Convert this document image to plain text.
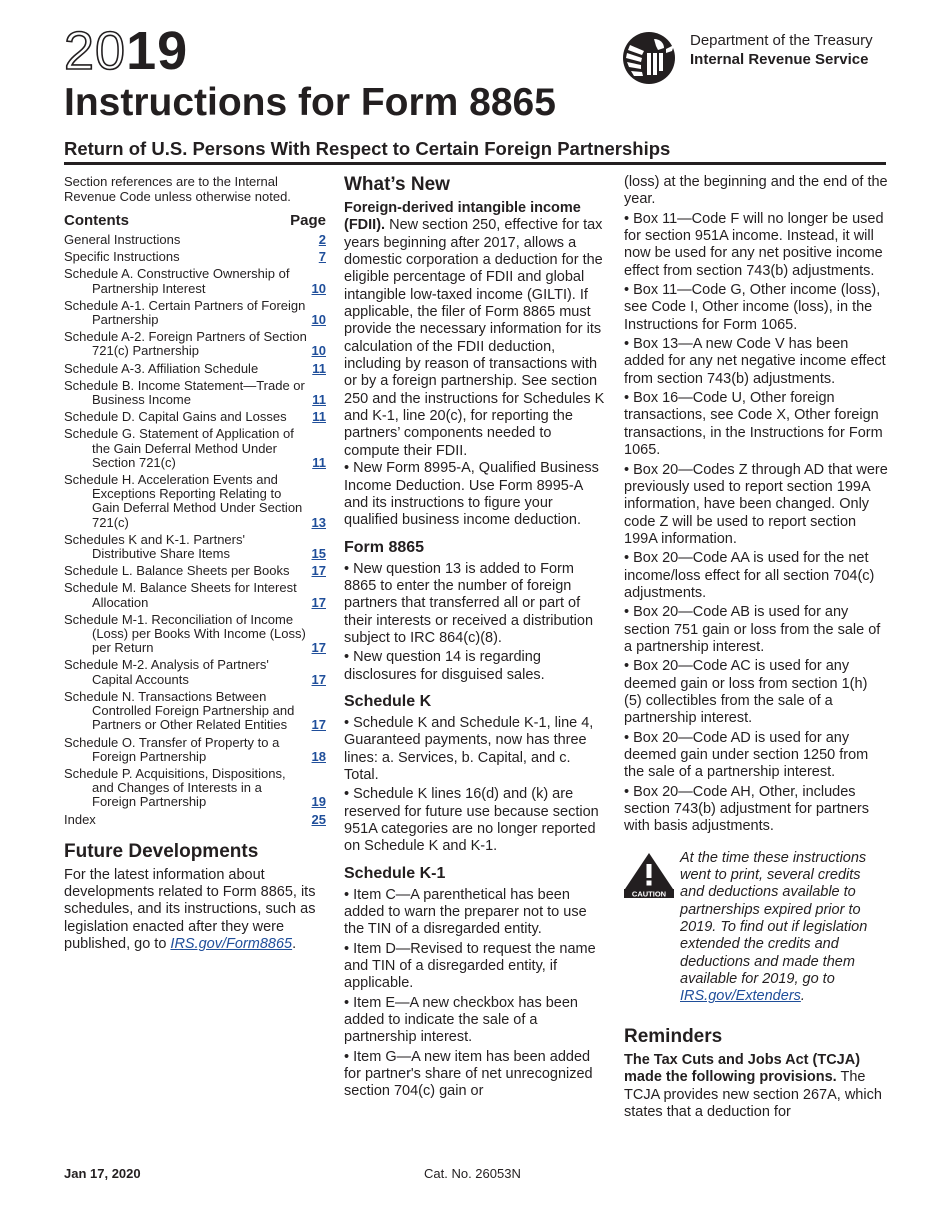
2019
Instructions for Form 8865
Return of U.S. Persons With Respect to Certain Foreign Partnerships
Department of the Treasury
Internal Revenue Service

Section references are to the Internal Revenue Code unless otherwise noted.

Contents	Page
General Instructions	2
Specific Instructions	7
Schedule A. Constructive Ownership of Partnership Interest	10
Schedule A-1. Certain Partners of Foreign Partnership	10
Schedule A-2. Foreign Partners of Section 721(c) Partnership	10
Schedule A-3. Affiliation Schedule	11
Schedule B. Income Statement—Trade or Business Income	11
Schedule D. Capital Gains and Losses	11
Schedule G. Statement of Application of the Gain Deferral Method Under Section 721(c)	11
Schedule H. Acceleration Events and Exceptions Reporting Relating to Gain Deferral Method Under Section 721(c)	13
Schedules K and K-1. Partners' Distributive Share Items	15
Schedule L. Balance Sheets per Books	17
Schedule M. Balance Sheets for Interest Allocation	17
Schedule M-1. Reconciliation of Income (Loss) per Books With Income (Loss) per Return	17
Schedule M-2. Analysis of Partners' Capital Accounts	17
Schedule N. Transactions Between Controlled Foreign Partnership and Partners or Other Related Entities	17
Schedule O. Transfer of Property to a Foreign Partnership	18
Schedule P. Acquisitions, Dispositions, and Changes of Interests in a Foreign Partnership	19
Index	25
Future Developments

For the latest information about developments related to Form 8865, its schedules, and its instructions, such as legislation enacted after they were published, go to IRS.gov/Form8865.

What’s New

Foreign-derived intangible income (FDII). New section 250, effective for tax years beginning after 2017, allows a domestic corporation a deduction for the eligible percentage of FDII and global intangible low-taxed income (GILTI). If applicable, the filer of Form 8865 must provide the necessary information for its calculation of the FDII deduction, including by reason of transactions with or by a foreign partnership. See section 250 and the instructions for Schedules K and K-1, line 20(c), for reporting the partners’ components needed to compute their FDII.

• New Form 8995-A, Qualified Business Income Deduction. Use Form 8995-A and its instructions to figure your qualified business income deduction.

Form 8865

• New question 13 is added to Form 8865 to enter the number of foreign partners that transferred all or part of their interests or received a distribution subject to IRC 864(c)(8).

• New question 14 is regarding disclosures for disguised sales.

Schedule K

• Schedule K and Schedule K-1, line 4, Guaranteed payments, now has three lines: a. Services, b. Capital, and c. Total.

• Schedule K lines 16(d) and (k) are reserved for future use because section 951A categories are no longer reported on Schedule K and K-1.

Schedule K-1

• Item C—A parenthetical has been added to warn the preparer not to use the TIN of a disregarded entity.

• Item D—Revised to request the name and TIN of a disregarded entity, if applicable.

• Item E—A new checkbox has been added to indicate the sale of a partnership interest.

• Item G—A new item has been added for partner's share of net unrecognized section 704(c) gain or

(loss) at the beginning and the end of the year.

• Box 11—Code F will no longer be used for section 951A income. Instead, it will now be used for any net positive income effect from section 743(b) adjustments.

• Box 11—Code G, Other income (loss), see Code I, Other income (loss), in the Instructions for Form 1065.

• Box 13—A new Code V has been added for any net negative income effect from section 743(b) adjustments.

• Box 16—Code U, Other foreign transactions, see Code X, Other foreign transactions, in the Instructions for Form 1065.

• Box 20—Codes Z through AD that were previously used to report section 199A information, have been changed. Only code Z will be used to report section 199A information.

• Box 20—Code AA is used for the net income/loss effect for all section 704(c) adjustments.

• Box 20—Code AB is used for any section 751 gain or loss from the sale of a partnership interest.

• Box 20—Code AC is used for any deemed gain or loss from section 1(h) (5) collectibles from the sale of a partnership interest.

• Box 20—Code AD is used for any deemed gain under section 1250 from the sale of a partnership interest.

• Box 20—Code AH, Other, includes section 743(b) adjustment for partners with basis adjustments.

CAUTION
At the time these instructions went to print, several credits and deductions available to partnerships expired prior to 2019. To find out if legislation extended the credits and deductions and made them available for 2019, go to IRS.gov/Extenders.
Reminders

The Tax Cuts and Jobs Act (TCJA) made the following provisions. The TCJA provides new section 267A, which states that a deduction for

Jan 17, 2020	Cat. No. 26053N
